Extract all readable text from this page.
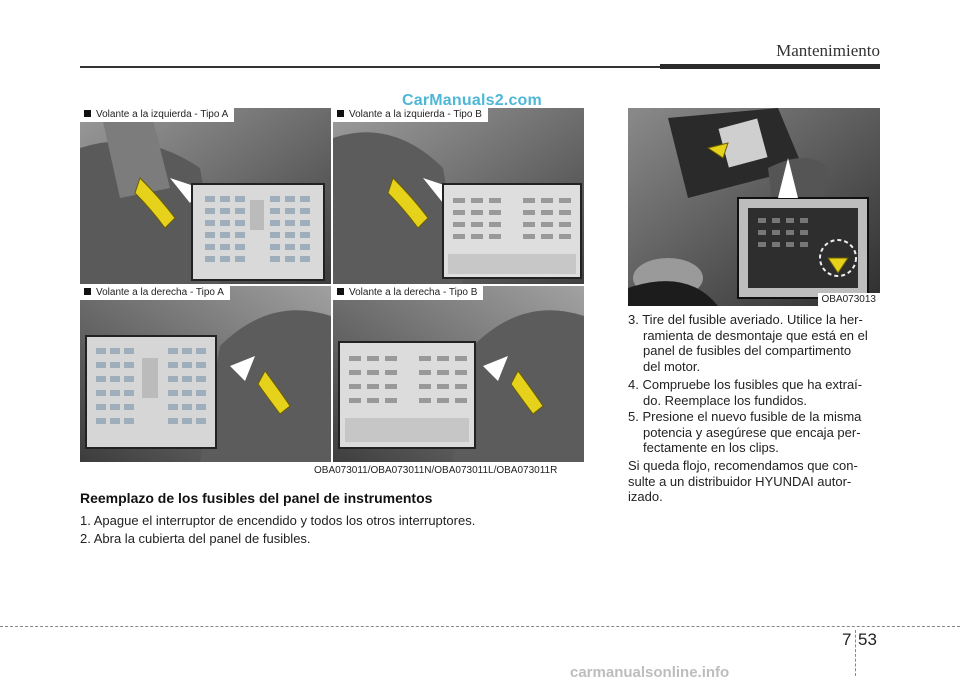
Mantenimiento
Volante a la izquierda - Tipo A	Volante a la izquierda - Tipo B
Volante a la derecha - Tipo A	Volante a la derecha - Tipo B
OBA073011/OBA073011N/OBA073011L/OBA073011R
CarManuals2.com
OBA073013
Reemplazo de los fusibles del panel de instrumentos
1. Apague el interruptor de encendido y todos los otros interruptores.
2. Abra la cubierta del panel de fusibles.
3. Tire del fusible averiado. Utilice la her-
ramienta de desmontaje que está en el
panel de fusibles del compartimento
del motor.
4. Compruebe los fusibles que ha extraí-
do. Reemplace los fundidos.
5. Presione el nuevo fusible de la misma
potencia y asegúrese que encaja per-
fectamente en los clips.
Si queda flojo, recomendamos que con-
sulte a un distribuidor HYUNDAI autor-
izado.
7 53
carmanualsonline.info
